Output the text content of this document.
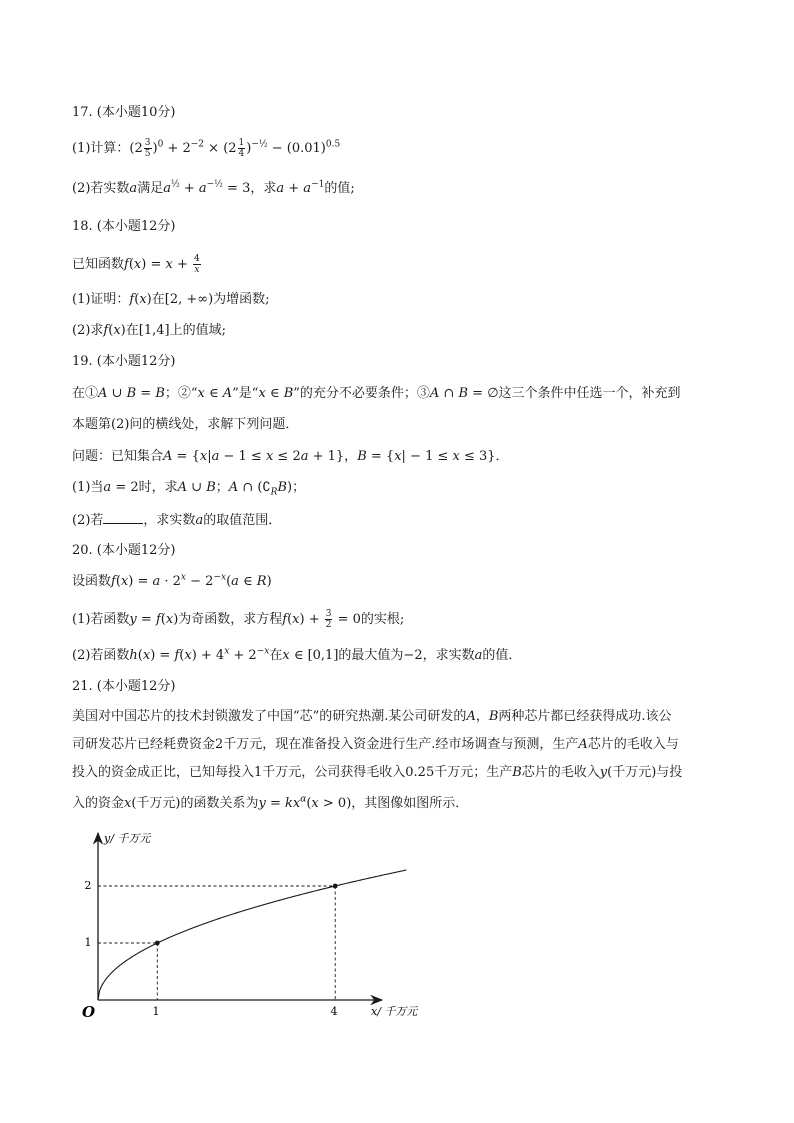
17. (本小题10分)
(1)计算：$(2 \frac{3}{5} )^0 + 2^{-2} \times (2 \frac{1}{4} )^{-\frac{1}{2}} - (0.01)^{0.5}$
(2)若实数a满足$a^{\frac{1}{2}} + a^{-\frac{1}{2}} = 3$，求$a + a^{-1}$的值;
18. (本小题12分)
已知函数$f(x) = x + \frac{4}{x}$
(1)证明：f(x)在[2, +∞)为增函数;
(2)求f(x)在[1,4]上的值域;
19. (本小题12分)
在①A ∪ B = B；②“x ∈ A”是“x ∈ B”的充分不必要条件；③A ∩ B = ∅这三个条件中任选一个，补充到
本题第(2)问的横线处，求解下列问题．
问题：已知集合A = {x|a − 1 ≤ x ≤ 2a + 1}，B = {x| − 1 ≤ x ≤ 3}．
(1)当a = 2时，求A ∪ B；A ∩ $(∁_RB)$；
(2)若	，求实数a的取值范围．
20. (本小题12分)
设函数$f(x) = a \cdot 2^x - 2^{-x}(a$ ∈ R)
(1)若函数y = f(x)为奇函数，求方程$f(x) + \frac{3}{2} = 0$的实根;
(2)若函数$h(x) = f(x) + 4^x + 2^{-x}$在x ∈ [0,1]的最大值为−2，求实数a的值．
21. (本小题12分)
美国对中国芯片的技术封锁激发了中国“芯”的研究热潮.某公司研发的A，B两种芯片都已经获得成功.该公
司研发芯片已经耗费资金2千万元，现在准备投入资金进行生产.经市场调查与预测，生产A芯片的毛收入与
投入的资金成正比，已知每投入1千万元，公司获得毛收入0.25千万元；生产B芯片的毛收入y(千万元)与投
入的资金x(千万元)的函数关系为$y = kx^\alpha(x > 0)$，其图像如图所示．
y/ 千万元
x/ 千万元
O	1	4
1
2
